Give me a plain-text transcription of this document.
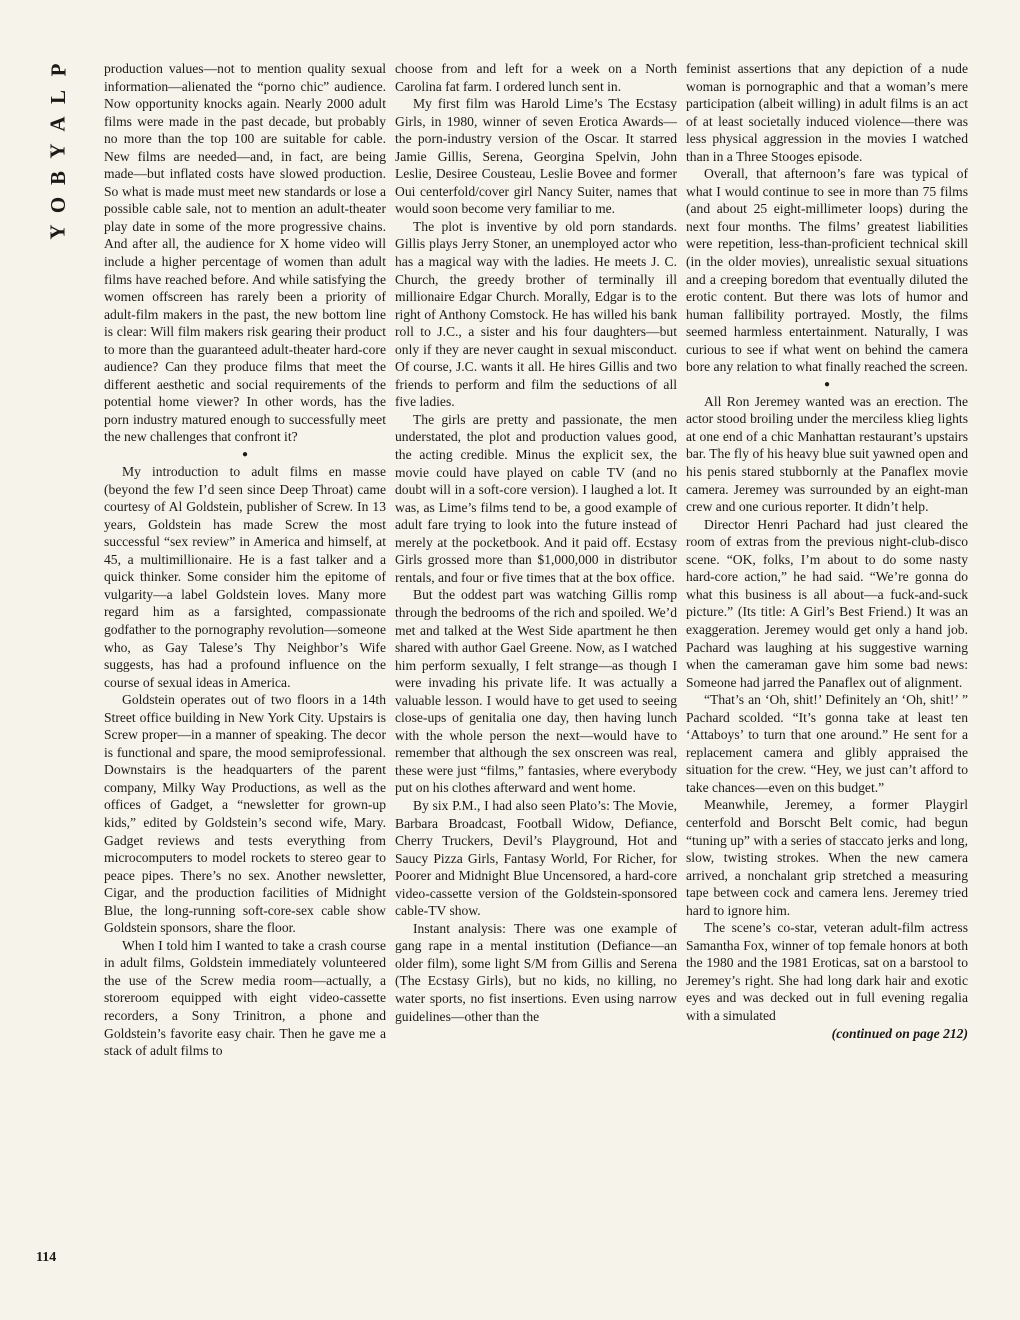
P
L
A
Y
B
O
Y

production values—not to mention quality sexual information—alienated the “porno chic” audience. Now opportunity knocks again. Nearly 2000 adult films were made in the past decade, but probably no more than the top 100 are suitable for cable. New films are needed—and, in fact, are being made—but inflated costs have slowed production. So what is made must meet new standards or lose a possible cable sale, not to mention an adult-theater play date in some of the more progressive chains. And after all, the audience for X home video will include a higher percentage of women than adult films have reached before. And while satisfying the women offscreen has rarely been a priority of adult-film makers in the past, the new bottom line is clear: Will film makers risk gearing their product to more than the guaranteed adult-theater hard-core audience? Can they produce films that meet the different aesthetic and social requirements of the potential home viewer? In other words, has the porn industry matured enough to successfully meet the new challenges that confront it?

●

My introduction to adult films en masse (beyond the few I’d seen since Deep Throat) came courtesy of Al Goldstein, publisher of Screw. In 13 years, Goldstein has made Screw the most successful “sex review” in America and himself, at 45, a multimillionaire. He is a fast talker and a quick thinker. Some consider him the epitome of vulgarity—a label Goldstein loves. Many more regard him as a farsighted, compassionate godfather to the pornography revolution—someone who, as Gay Talese’s Thy Neighbor’s Wife suggests, has had a profound influence on the course of sexual ideas in America.

Goldstein operates out of two floors in a 14th Street office building in New York City. Upstairs is Screw proper—in a manner of speaking. The decor is functional and spare, the mood semiprofessional. Downstairs is the headquarters of the parent company, Milky Way Productions, as well as the offices of Gadget, a “newsletter for grown-up kids,” edited by Goldstein’s second wife, Mary. Gadget reviews and tests everything from microcomputers to model rockets to stereo gear to peace pipes. There’s no sex. Another newsletter, Cigar, and the production facilities of Midnight Blue, the long-running soft-core-sex cable show Goldstein sponsors, share the floor.

When I told him I wanted to take a crash course in adult films, Goldstein immediately volunteered the use of the Screw media room—actually, a storeroom equipped with eight video-cassette recorders, a Sony Trinitron, a phone and Goldstein’s favorite easy chair. Then he gave me a stack of adult films to

choose from and left for a week on a North Carolina fat farm. I ordered lunch sent in.

My first film was Harold Lime’s The Ecstasy Girls, in 1980, winner of seven Erotica Awards—the porn-industry version of the Oscar. It starred Jamie Gillis, Serena, Georgina Spelvin, John Leslie, Desiree Cousteau, Leslie Bovee and former Oui centerfold/cover girl Nancy Suiter, names that would soon become very familiar to me.

The plot is inventive by old porn standards. Gillis plays Jerry Stoner, an unemployed actor who has a magical way with the ladies. He meets J. C. Church, the greedy brother of terminally ill millionaire Edgar Church. Morally, Edgar is to the right of Anthony Comstock. He has willed his bank roll to J.C., a sister and his four daughters—but only if they are never caught in sexual misconduct. Of course, J.C. wants it all. He hires Gillis and two friends to perform and film the seductions of all five ladies.

The girls are pretty and passionate, the men understated, the plot and production values good, the acting credible. Minus the explicit sex, the movie could have played on cable TV (and no doubt will in a soft-core version). I laughed a lot. It was, as Lime’s films tend to be, a good example of adult fare trying to look into the future instead of merely at the pocketbook. And it paid off. Ecstasy Girls grossed more than $1,000,000 in distributor rentals, and four or five times that at the box office.

But the oddest part was watching Gillis romp through the bedrooms of the rich and spoiled. We’d met and talked at the West Side apartment he then shared with author Gael Greene. Now, as I watched him perform sexually, I felt strange—as though I were invading his private life. It was actually a valuable lesson. I would have to get used to seeing close-ups of genitalia one day, then having lunch with the whole person the next—would have to remember that although the sex onscreen was real, these were just “films,” fantasies, where everybody put on his clothes afterward and went home.

By six P.M., I had also seen Plato’s: The Movie, Barbara Broadcast, Football Widow, Defiance, Cherry Truckers, Devil’s Playground, Hot and Saucy Pizza Girls, Fantasy World, For Richer, for Poorer and Midnight Blue Uncensored, a hard-core video-cassette version of the Goldstein-sponsored cable-TV show.

Instant analysis: There was one example of gang rape in a mental institution (Defiance—an older film), some light S/M from Gillis and Serena (The Ecstasy Girls), but no kids, no killing, no water sports, no fist insertions. Even using narrow guidelines—other than the

feminist assertions that any depiction of a nude woman is pornographic and that a woman’s mere participation (albeit willing) in adult films is an act of at least societally induced violence—there was less physical aggression in the movies I watched than in a Three Stooges episode.

Overall, that afternoon’s fare was typical of what I would continue to see in more than 75 films (and about 25 eight-millimeter loops) during the next four months. The films’ greatest liabilities were repetition, less-than-proficient technical skill (in the older movies), unrealistic sexual situations and a creeping boredom that eventually diluted the erotic content. But there was lots of humor and human fallibility portrayed. Mostly, the films seemed harmless entertainment. Naturally, I was curious to see if what went on behind the camera bore any relation to what finally reached the screen.

●

All Ron Jeremey wanted was an erection. The actor stood broiling under the merciless klieg lights at one end of a chic Manhattan restaurant’s upstairs bar. The fly of his heavy blue suit yawned open and his penis stared stubbornly at the Panaflex movie camera. Jeremey was surrounded by an eight-man crew and one curious reporter. It didn’t help.

Director Henri Pachard had just cleared the room of extras from the previous night-club-disco scene. “OK, folks, I’m about to do some nasty hard-core action,” he had said. “We’re gonna do what this business is all about—a fuck-and-suck picture.” (Its title: A Girl’s Best Friend.) It was an exaggeration. Jeremey would get only a hand job. Pachard was laughing at his suggestive warning when the cameraman gave him some bad news: Someone had jarred the Panaflex out of alignment.

“That’s an ‘Oh, shit!’ Definitely an ‘Oh, shit!’ ” Pachard scolded. “It’s gonna take at least ten ‘Attaboys’ to turn that one around.” He sent for a replacement camera and glibly appraised the situation for the crew. “Hey, we just can’t afford to take chances—even on this budget.”

Meanwhile, Jeremey, a former Playgirl centerfold and Borscht Belt comic, had begun “tuning up” with a series of staccato jerks and long, slow, twisting strokes. When the new camera arrived, a nonchalant grip stretched a measuring tape between cock and camera lens. Jeremey tried hard to ignore him.

The scene’s co-star, veteran adult-film actress Samantha Fox, winner of top female honors at both the 1980 and the 1981 Eroticas, sat on a barstool to Jeremey’s right. She had long dark hair and exotic eyes and was decked out in full evening regalia with a simulated

(continued on page 212)

114
